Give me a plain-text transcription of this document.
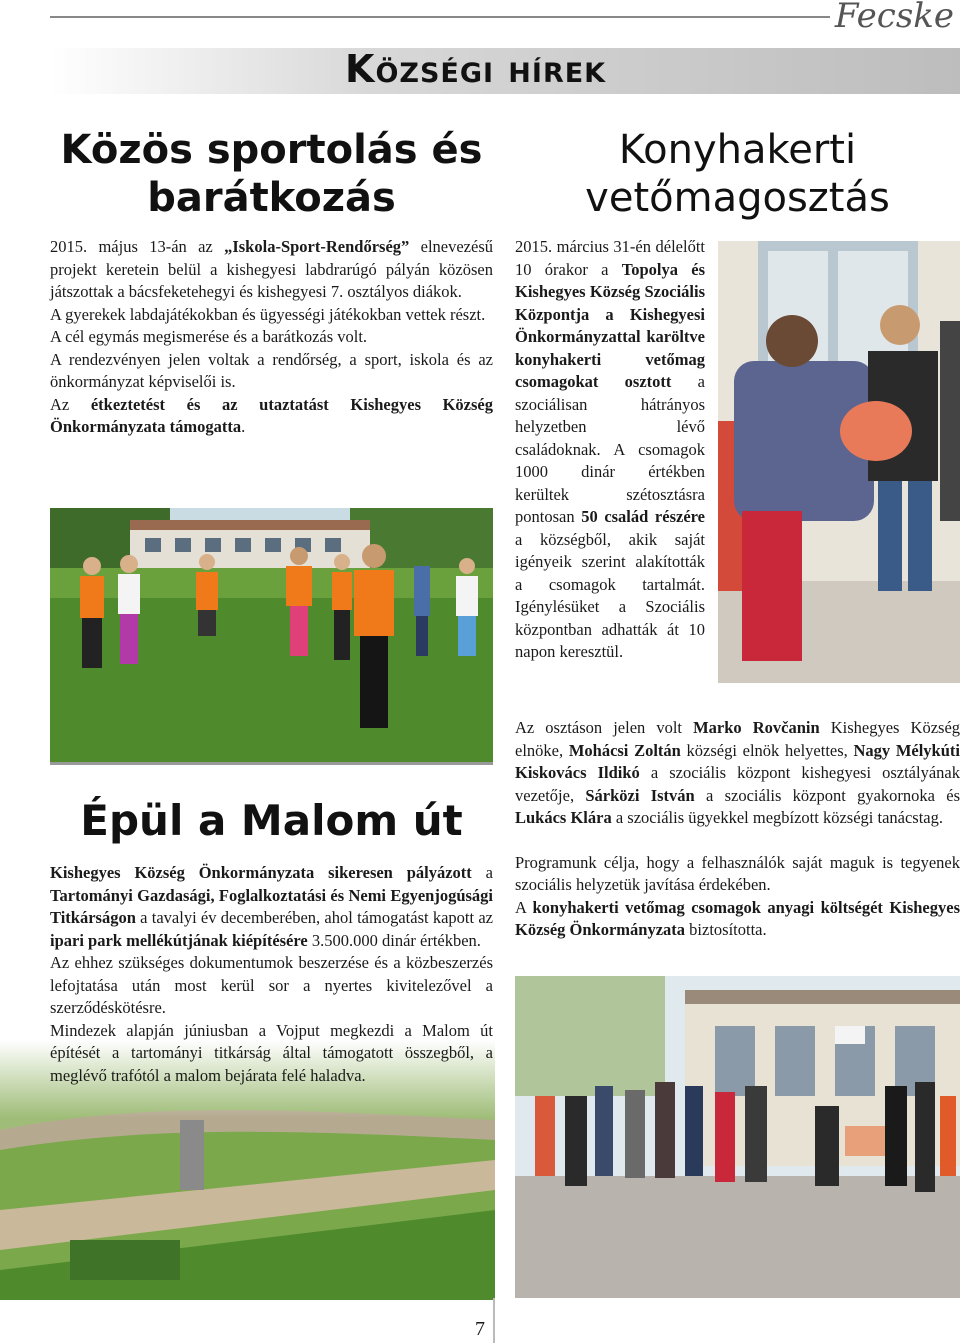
Fecske
Községi hírek
Közös sportolás és barátkozás

2015. május 13-án az „Iskola-Sport-Rendőrség” elnevezésű projekt keretein belül a kishegyesi labdrarúgó pályán közösen játszottak a bácsfeketehegyi és kishegyesi 7. osztályos diákok.

A gyerekek labdajátékokban és ügyességi játékokban vettek részt.

A cél egymás megismerése és a barátkozás volt.

A rendezvényen jelen voltak a rendőrség, a sport, iskola és az önkormányzat képviselői is.

Az étkeztetést és az utaztatást Kishegyes Község Önkormányzata támogatta.

Épül a Malom út

Kishegyes Község Önkormányzata sikeresen pályázott a Tartományi Gazdasági, Foglalkoztatási és Nemi Egyenjogúsági Titkárságon a tavalyi év decemberében, ahol támogatást kapott az ipari park mellékútjának kiépítésére 3.500.000 dinár értékben.

Az ehhez szükséges dokumentumok beszerzése és a közbeszerzés lefojtatása után most kerül sor a nyertes kivitelezővel a szerződéskötésre.

Mindezek alapján júniusban a Vojput megkezdi a Malom út építését a tartományi titkárság által támogatott összegből, a meglévő trafótól a malom bejárata felé haladva.

Konyhakerti vetőmagosztás

2015. március 31-én délelőtt 10 órakor a Topolya és Kishegyes Község Szociális Központja a Kishegyesi Önkormányzattal karöltve konyhakerti vetőmag csomagokat osztott a szociálisan hátrányos helyzetben lévő családoknak. A csomagok 1000 dinár értékben kerültek szétosztásra pontosan 50 család részére a községből, akik saját igényeik szerint alakították a csomagok tartalmát. Igénylésüket a Szociális központban adhatták át 10 napon keresztül.

Az osztáson jelen volt Marko Rovčanin Kishegyes Község elnöke, Mohácsi Zoltán községi elnök helyettes, Nagy Mélykúti Kiskovács Ildikó a szociális központ kishegyesi osztályának vezetője, Sárközi István a szociális központ gyakornoka és Lukács Klára a szociális ügyekkel megbízott községi tanácstag.

Programunk célja, hogy a felhasználók saját maguk is tegyenek szociális helyzetük javítása érdekében.

A konyhakerti vetőmag csomagok anyagi költségét Kishegyes Község Önkormányzata biztosította.

7
